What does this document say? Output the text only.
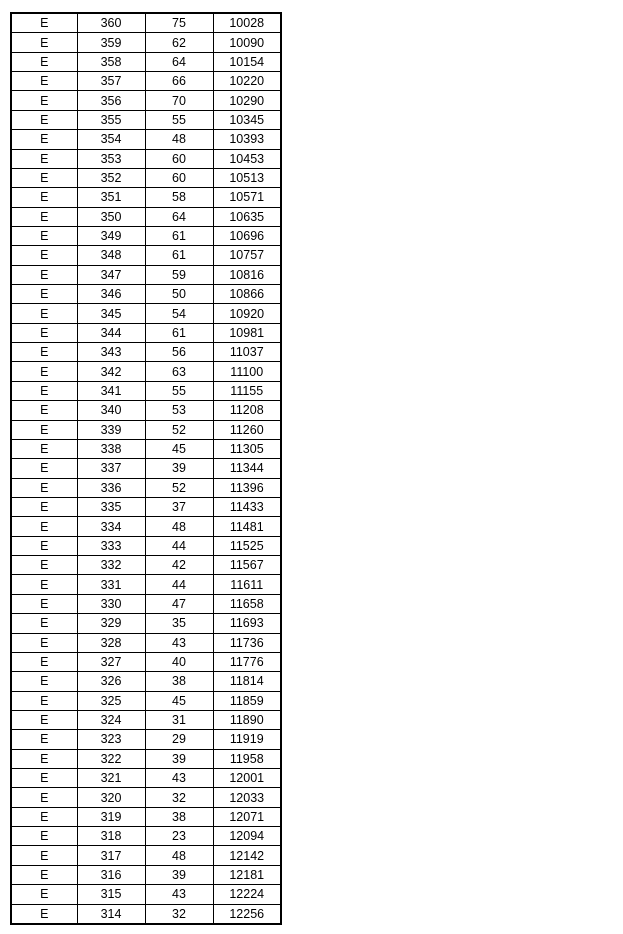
E	360	75	10028
E	359	62	10090
E	358	64	10154
E	357	66	10220
E	356	70	10290
E	355	55	10345
E	354	48	10393
E	353	60	10453
E	352	60	10513
E	351	58	10571
E	350	64	10635
E	349	61	10696
E	348	61	10757
E	347	59	10816
E	346	50	10866
E	345	54	10920
E	344	61	10981
E	343	56	11037
E	342	63	11100
E	341	55	11155
E	340	53	11208
E	339	52	11260
E	338	45	11305
E	337	39	11344
E	336	52	11396
E	335	37	11433
E	334	48	11481
E	333	44	11525
E	332	42	11567
E	331	44	11611
E	330	47	11658
E	329	35	11693
E	328	43	11736
E	327	40	11776
E	326	38	11814
E	325	45	11859
E	324	31	11890
E	323	29	11919
E	322	39	11958
E	321	43	12001
E	320	32	12033
E	319	38	12071
E	318	23	12094
E	317	48	12142
E	316	39	12181
E	315	43	12224
E	314	32	12256
